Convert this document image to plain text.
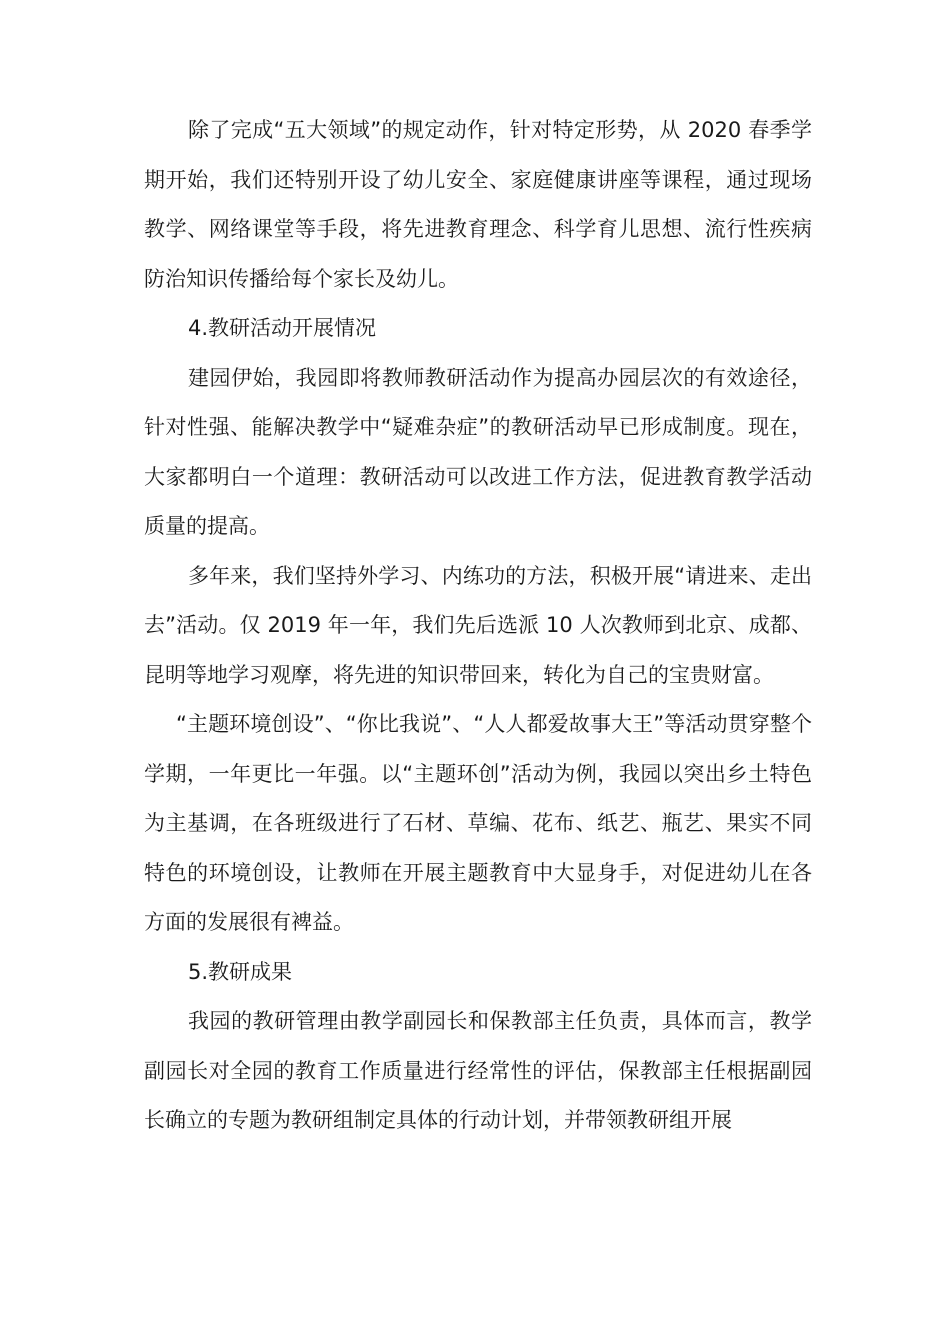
除了完成“五大领域”的规定动作，针对特定形势，从 2020 春季学期开始，我们还特别开设了幼儿安全、家庭健康讲座等课程，通过现场教学、网络课堂等手段，将先进教育理念、科学育儿思想、流行性疾病防治知识传播给每个家长及幼儿。

4.教研活动开展情况

建园伊始，我园即将教师教研活动作为提高办园层次的有效途径，针对性强、能解决教学中“疑难杂症”的教研活动早已形成制度。现在，大家都明白一个道理：教研活动可以改进工作方法，促进教育教学活动质量的提高。

多年来，我们坚持外学习、内练功的方法，积极开展“请进来、走出去”活动。仅 2019 年一年，我们先后选派 10 人次教师到北京、成都、昆明等地学习观摩，将先进的知识带回来，转化为自己的宝贵财富。

“主题环境创设”、“你比我说”、“人人都爱故事大王”等活动贯穿整个学期，一年更比一年强。以“主题环创”活动为例，我园以突出乡土特色为主基调，在各班级进行了石材、草编、花布、纸艺、瓶艺、果实不同特色的环境创设，让教师在开展主题教育中大显身手，对促进幼儿在各方面的发展很有裨益。

5.教研成果

我园的教研管理由教学副园长和保教部主任负责，具体而言，教学副园长对全园的教育工作质量进行经常性的评估，保教部主任根据副园长确立的专题为教研组制定具体的行动计划，并带领教研组开展
